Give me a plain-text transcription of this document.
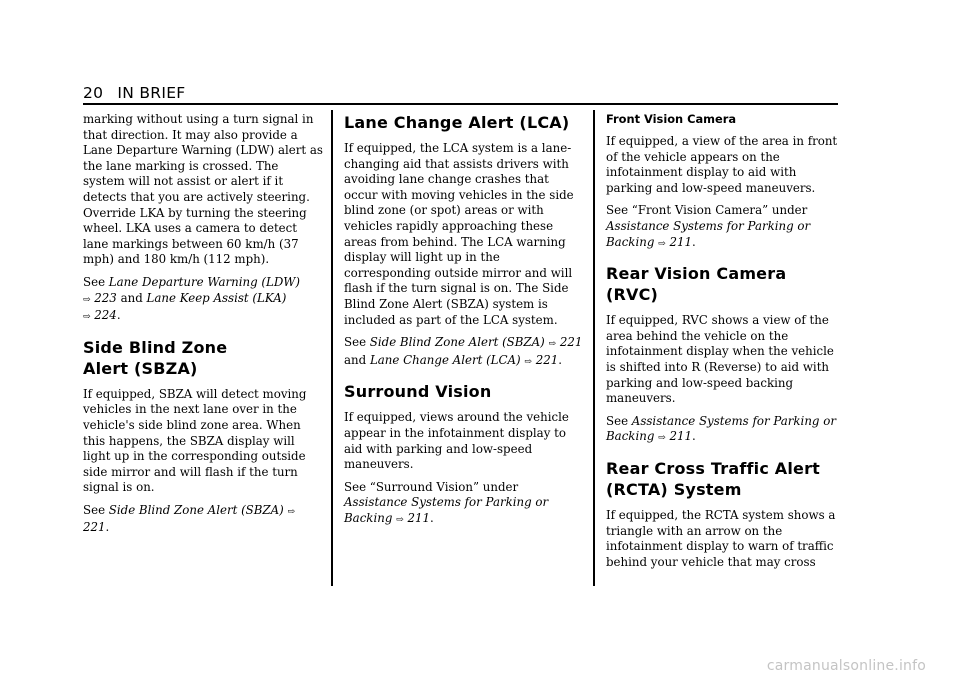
20 IN BRIEF

marking without using a turn signal in that direction. It may also provide a Lane Departure Warning (LDW) alert as the lane marking is crossed. The system will not assist or alert if it detects that you are actively steering. Override LKA by turning the steering wheel. LKA uses a camera to detect lane markings between 60 km/h (37 mph) and 180 km/h (112 mph).

See Lane Departure Warning (LDW)
⇨ 223 and Lane Keep Assist (LKA)
⇨ 224.

Side Blind Zone
Alert (SBZA)

If equipped, SBZA will detect moving vehicles in the next lane over in the vehicle's side blind zone area. When this happens, the SBZA display will light up in the corresponding outside side mirror and will flash if the turn signal is on.

See Side Blind Zone Alert (SBZA) ⇨ 221.

Lane Change Alert (LCA)

If equipped, the LCA system is a lane-changing aid that assists drivers with avoiding lane change crashes that occur with moving vehicles in the side blind zone (or spot) areas or with vehicles rapidly approaching these areas from behind. The LCA warning display will light up in the corresponding outside mirror and will flash if the turn signal is on. The Side Blind Zone Alert (SBZA) system is included as part of the LCA system.

See Side Blind Zone Alert (SBZA) ⇨ 221
and Lane Change Alert (LCA) ⇨ 221.

Surround Vision

If equipped, views around the vehicle appear in the infotainment display to aid with parking and low-speed maneuvers.

See “Surround Vision” under
Assistance Systems for Parking or Backing ⇨ 211.

Front Vision Camera

If equipped, a view of the area in front of the vehicle appears on the infotainment display to aid with parking and low-speed maneuvers.

See “Front Vision Camera” under
Assistance Systems for Parking or Backing ⇨ 211.

Rear Vision Camera (RVC)

If equipped, RVC shows a view of the area behind the vehicle on the infotainment display when the vehicle is shifted into R (Reverse) to aid with parking and low-speed backing maneuvers.

See Assistance Systems for Parking or Backing ⇨ 211.

Rear Cross Traffic Alert
(RCTA) System

If equipped, the RCTA system shows a triangle with an arrow on the infotainment display to warn of traffic behind your vehicle that may cross

carmanualsonline.info
